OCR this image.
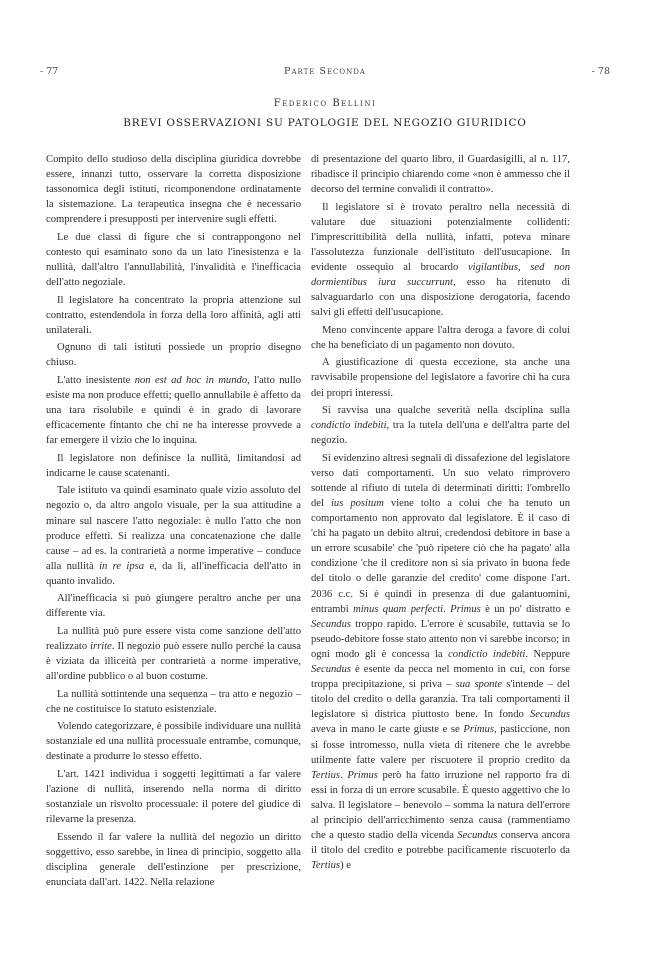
- 77	Parte Seconda	- 78
Federico Bellini
BREVI OSSERVAZIONI SU PATOLOGIE DEL NEGOZIO GIURIDICO

Compito dello studioso della disciplina giuridica dovrebbe essere, innanzi tutto, osservare la corretta disposizione tassonomica degli istituti, ricomponendone ordinatamente la sistemazione. La terapeutica insegna che è necessario comprendere i presupposti per intervenire sugli effetti.

Le due classi di figure che si contrappongono nel contesto qui esaminato sono da un lato l'inesistenza e la nullità, dall'altro l'annullabilità, l'invalidità e l'inefficacia dell'atto negoziale.

Il legislatore ha concentrato la propria attenzione sul contratto, estendendola in forza della loro affinità, agli atti unilaterali.

Ognuno di tali istituti possiede un proprio disegno chiuso.

L'atto inesistente non est ad hoc in mundo, l'atto nullo esiste ma non produce effetti; quello annullabile è affetto da una tara risolubile e quindi è in grado di lavorare efficacemente fintanto che chi ne ha interesse provvede a far emergere il vizio che lo inquina.

Il legislatore non definisce la nullità, limitandosi ad indicarne le cause scatenanti.

Tale istituto va quindi esaminato quale vizio assoluto del negozio o, da altro angolo visuale, per la sua attitudine a minare sul nascere l'atto negoziale: è nullo l'atto che non produce effetti. Si realizza una concatenazione che dalle cause – ad es. la contrarietà a norme imperative – conduce alla nullità in re ipsa e, da lì, all'inefficacia dell'atto in quanto invalido.

All'inefficacia si può giungere peraltro anche per una differente via.

La nullità può pure essere vista come sanzione dell'atto realizzato irrite. Il negozio può essere nullo perché la causa è viziata da illiceità per contrarietà a norme imperative, all'ordine pubblico o al buon costume.

La nullità sottintende una sequenza – tra atto e negozio – che ne costituisce lo statuto esistenziale.

Volendo categorizzare, è possibile individuare una nullità sostanziale ed una nullità processuale entrambe, comunque, destinate a produrre lo stesso effetto.

L'art. 1421 individua i soggetti legittimati a far valere l'azione di nullità, inserendo nella norma di diritto sostanziale un risvolto processuale: il potere del giudice di rilevarne la presenza.

Essendo il far valere la nullità del negozio un diritto soggettivo, esso sarebbe, in linea di principio, soggetto alla disciplina generale dell'estinzione per prescrizione, enunciata dall'art. 1422. Nella relazione

di presentazione del quarto libro, il Guardasigilli, al n. 117, ribadisce il principio chiarendo come «non è ammesso che il decorso del termine convalidi il contratto».

Il legislatore si è trovato peraltro nella necessità di valutare due situazioni potenzialmente collidenti: l'imprescrittibilità della nullità, infatti, poteva minare l'assolutezza funzionale dell'istituto dell'usucapione. In evidente ossequio al brocardo vigilantibus, sed non dormientibus iura succurrunt, esso ha ritenuto di salvaguardarlo con una disposizione derogatoria, facendo salvi gli effetti dell'usucapione.

Meno convincente appare l'altra deroga a favore di colui che ha beneficiato di un pagamento non dovuto.

A giustificazione di questa eccezione, sta anche una ravvisabile propensione del legislatore a favorire chi ha cura dei propri interessi.

Si ravvisa una qualche severità nella dsciplina sulla condictio indebiti, tra la tutela dell'una e dell'altra parte del negozio.

Si evidenzino altresì segnali di dissafezione del legislatore verso dati comportamenti. Un suo velato rimprovero sottende al rifiuto di tutela di determinati diritti: l'ombrello del ius positum viene tolto a colui che ha tenuto un comportamento non approvato dal legislatore. È il caso di 'chi ha pagato un debito altrui, credendosi debitore in base a un errore scusabile' che 'può ripetere ciò che ha pagato' alla condizione 'che il creditore non si sia privato in buona fede del titolo o delle garanzie del credito' come dispone l'art. 2036 c.c. Si è quindi in presenza di due galantuomini, entrambi minus quam perfecti. Primus è un po' distratto e Secundus troppo rapido. L'errore è scusabile, tuttavia se lo pseudo-debitore fosse stato attento non vi sarebbe incorso; in ogni modo gli è concessa la condictio indebiti. Neppure Secundus è esente da pecca nel momento in cui, con forse troppa precipitazione, si priva – sua sponte s'intende – del titolo del credito o della garanzia. Tra tali comportamenti il legislatore si districa piuttosto bene. In fondo Secundus aveva in mano le carte giuste e se Primus, pasticcione, non si fosse intromesso, nulla vieta di ritenere che le avrebbe utilmente fatte valere per riscuotere il proprio credito da Tertius. Primus però ha fatto irruzione nel rapporto fra di essi in forza di un errore scusabile. È questo aggettivo che lo salva. Il legislatore – benevolo – somma la natura dell'errore al principio dell'arricchimento senza causa (rammentiamo che a questo stadio della vicenda Secundus conserva ancora il titolo del credito e potrebbe pacificamente riscuoterlo da Tertius) e
